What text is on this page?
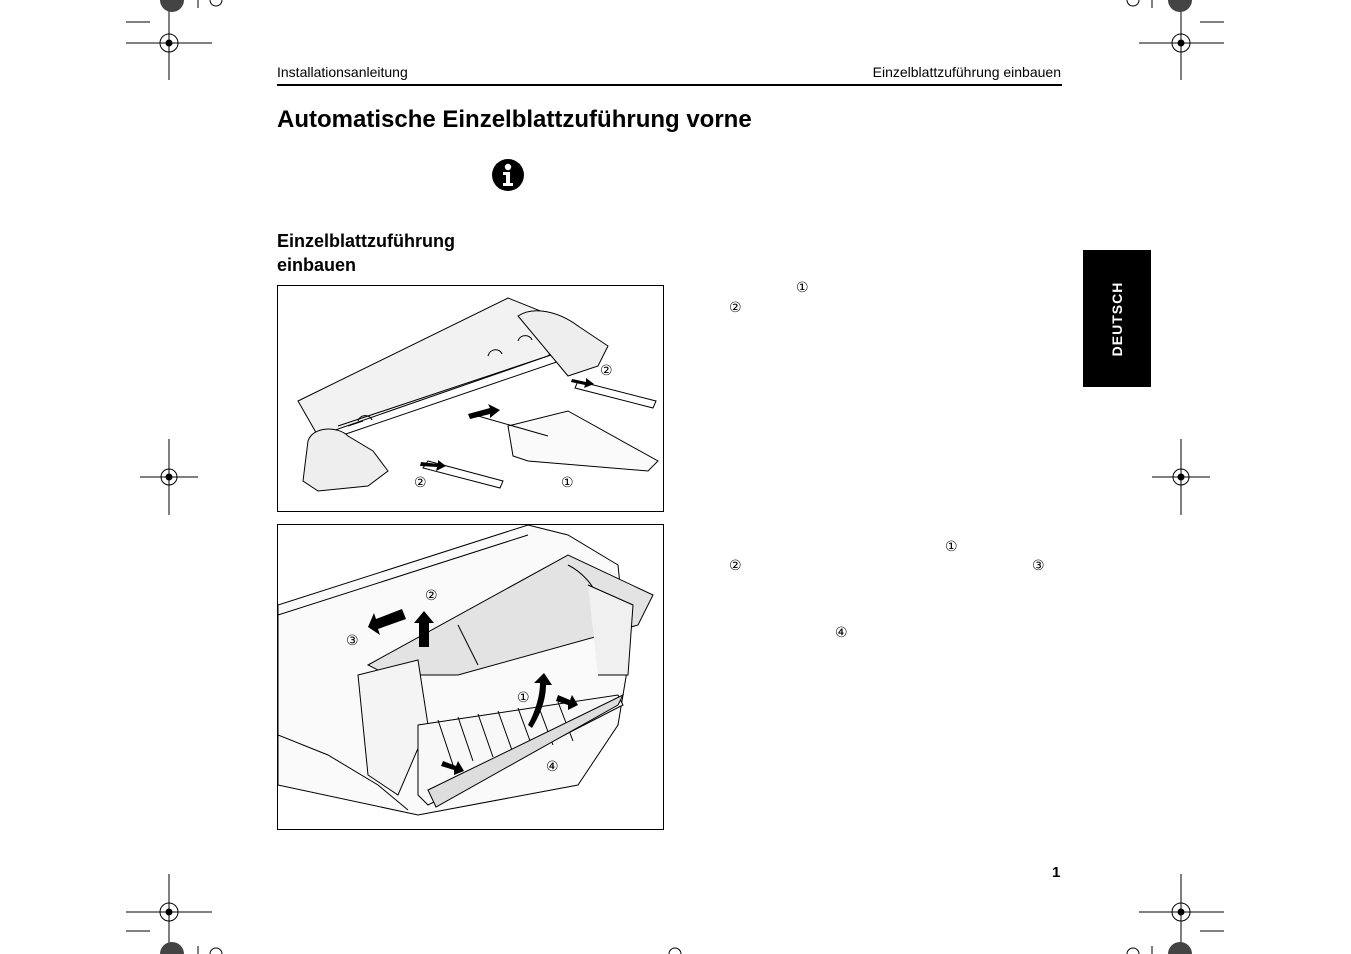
Installationsanleitung	Einzelblattzuführung einbauen
Automatische Einzelblattzuführung vorne
Einzelblattzuführung
einbauen
②
②	①
②
③
①
④
①
②
①
②	③
④
DEUTSCH
1
